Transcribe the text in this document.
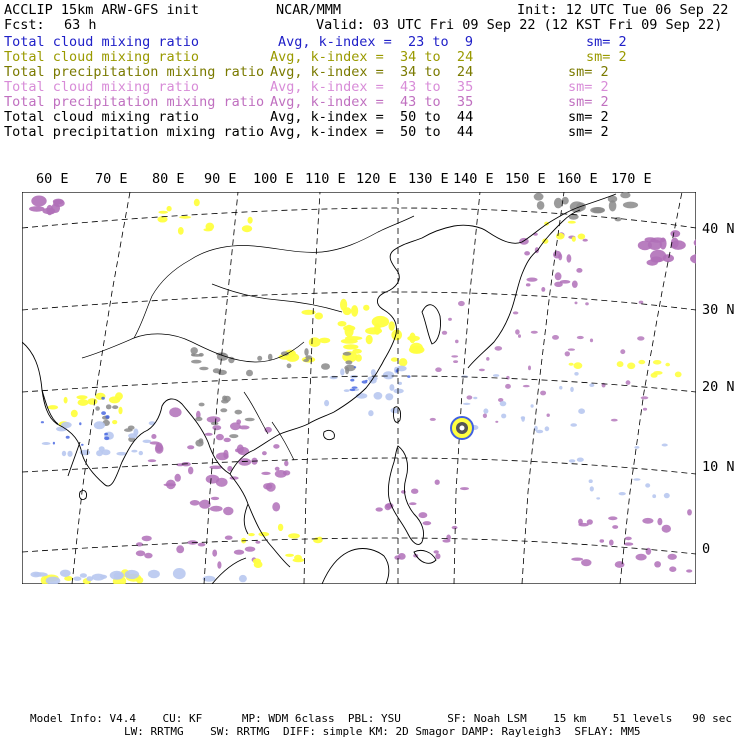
ACCLIP 15km ARW-GFS init	NCAR/MMM	Init: 12 UTC Tue 06 Sep 22
Fcst: 63 h	Valid: 03 UTC Fri 09 Sep 22 (12 KST Fri 09 Sep 22)
Total cloud mixing ratio	Avg, k-index =  23 to  9	sm= 2
Total cloud mixing ratio	Avg, k-index =  34 to  24	sm= 2
Total precipitation mixing ratio Avg, k-index =  34 to  24	sm= 2
Total cloud mixing ratio	Avg, k-index =  43 to  35	sm= 2
Total precipitation mixing ratio Avg, k-index =  43 to  35	sm= 2
Total cloud mixing ratio	Avg, k-index =  50 to  44	sm= 2
Total precipitation mixing ratio Avg, k-index =  50 to  44	sm= 2
60 E 70 E 80 E 90 E 100 E 110 E 120 E 130 E 140 E 150 E 160 E 170 E
40 N
30 N
20 N
10 N
0
Model Info: V4.4    CU: KF      MP: WDM 6class  PBL: YSU       SF: Noah LSM    15 km    51 levels   90 sec
LW: RRTMG    SW: RRTMG  DIFF: simple KM: 2D Smagor DAMP: Rayleigh3  SFLAY: MM5
